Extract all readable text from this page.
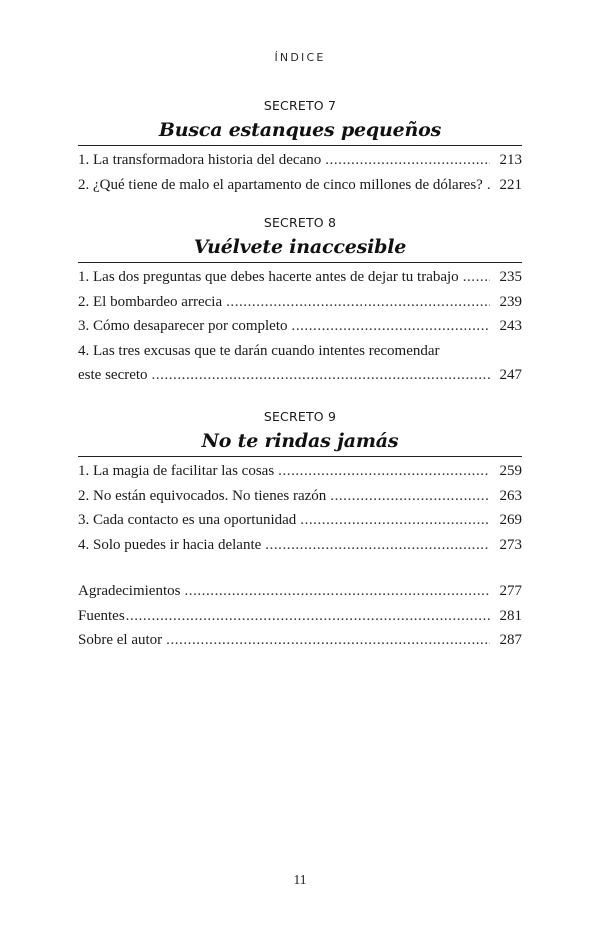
ÍNDICE
SECRETO 7
Busca estanques pequeños
1. La transformadora historia del decano . . .	213
2. ¿Qué tiene de malo el apartamento de cinco millones de dólares? . . . 221
SECRETO 8
Vuélvete inaccesible
1. Las dos preguntas que debes hacerte antes de dejar tu trabajo . . .	235
2. El bombardeo arrecia . . .	239
3. Cómo desaparecer por completo . . .	243
4. Las tres excusas que te darán cuando intentes recomendar
este secreto . . .	247
SECRETO 9
No te rindas jamás
1. La magia de facilitar las cosas . . .	259
2. No están equivocados. No tienes razón . . .	263
3. Cada contacto es una oportunidad . . .	269
4. Solo puedes ir hacia delante . . .	273
Agradecimientos . . .	277
Fuentes . . .	281
Sobre el autor . . .	287
11
